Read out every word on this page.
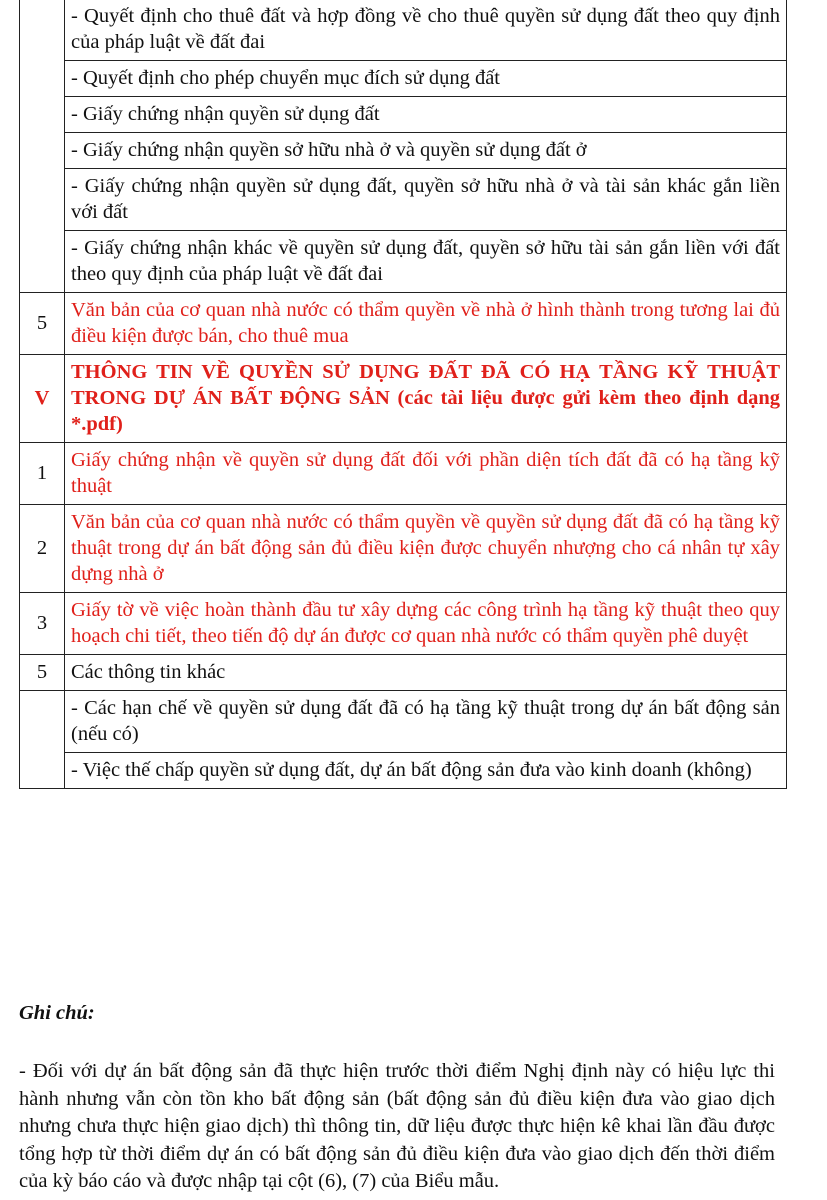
	- Quyết định cho thuê đất và hợp đồng về cho thuê quyền sử dụng đất theo quy định của pháp luật về đất đai
	- Quyết định cho phép chuyển mục đích sử dụng đất
	- Giấy chứng nhận quyền sử dụng đất
	- Giấy chứng nhận quyền sở hữu nhà ở và quyền sử dụng đất ở
	- Giấy chứng nhận quyền sử dụng đất, quyền sở hữu nhà ở và tài sản khác gắn liền với đất
	- Giấy chứng nhận khác về quyền sử dụng đất, quyền sở hữu tài sản gắn liền với đất theo quy định của pháp luật về đất đai
5	Văn bản của cơ quan nhà nước có thẩm quyền về nhà ở hình thành trong tương lai đủ điều kiện được bán, cho thuê mua
V	THÔNG TIN VỀ QUYỀN SỬ DỤNG ĐẤT ĐÃ CÓ HẠ TẦNG KỸ THUẬT TRONG DỰ ÁN BẤT ĐỘNG SẢN (các tài liệu được gửi kèm theo định dạng *.pdf)
1	Giấy chứng nhận về quyền sử dụng đất đối với phần diện tích đất đã có hạ tầng kỹ thuật
2	Văn bản của cơ quan nhà nước có thẩm quyền về quyền sử dụng đất đã có hạ tầng kỹ thuật trong dự án bất động sản đủ điều kiện được chuyển nhượng cho cá nhân tự xây dựng nhà ở
3	Giấy tờ về việc hoàn thành đầu tư xây dựng các công trình hạ tầng kỹ thuật theo quy hoạch chi tiết, theo tiến độ dự án được cơ quan nhà nước có thẩm quyền phê duyệt
5	Các thông tin khác
	- Các hạn chế về quyền sử dụng đất đã có hạ tầng kỹ thuật trong dự án bất động sản (nếu có)
	- Việc thế chấp quyền sử dụng đất, dự án bất động sản đưa vào kinh doanh (không)
Ghi chú:
- Đối với dự án bất động sản đã thực hiện trước thời điểm Nghị định này có hiệu lực thi hành nhưng vẫn còn tồn kho bất động sản (bất động sản đủ điều kiện đưa vào giao dịch nhưng chưa thực hiện giao dịch) thì thông tin, dữ liệu được thực hiện kê khai lần đầu được tổng hợp từ thời điểm dự án có bất động sản đủ điều kiện đưa vào giao dịch đến thời điểm của kỳ báo cáo và được nhập tại cột (6), (7) của Biểu mẫu.
